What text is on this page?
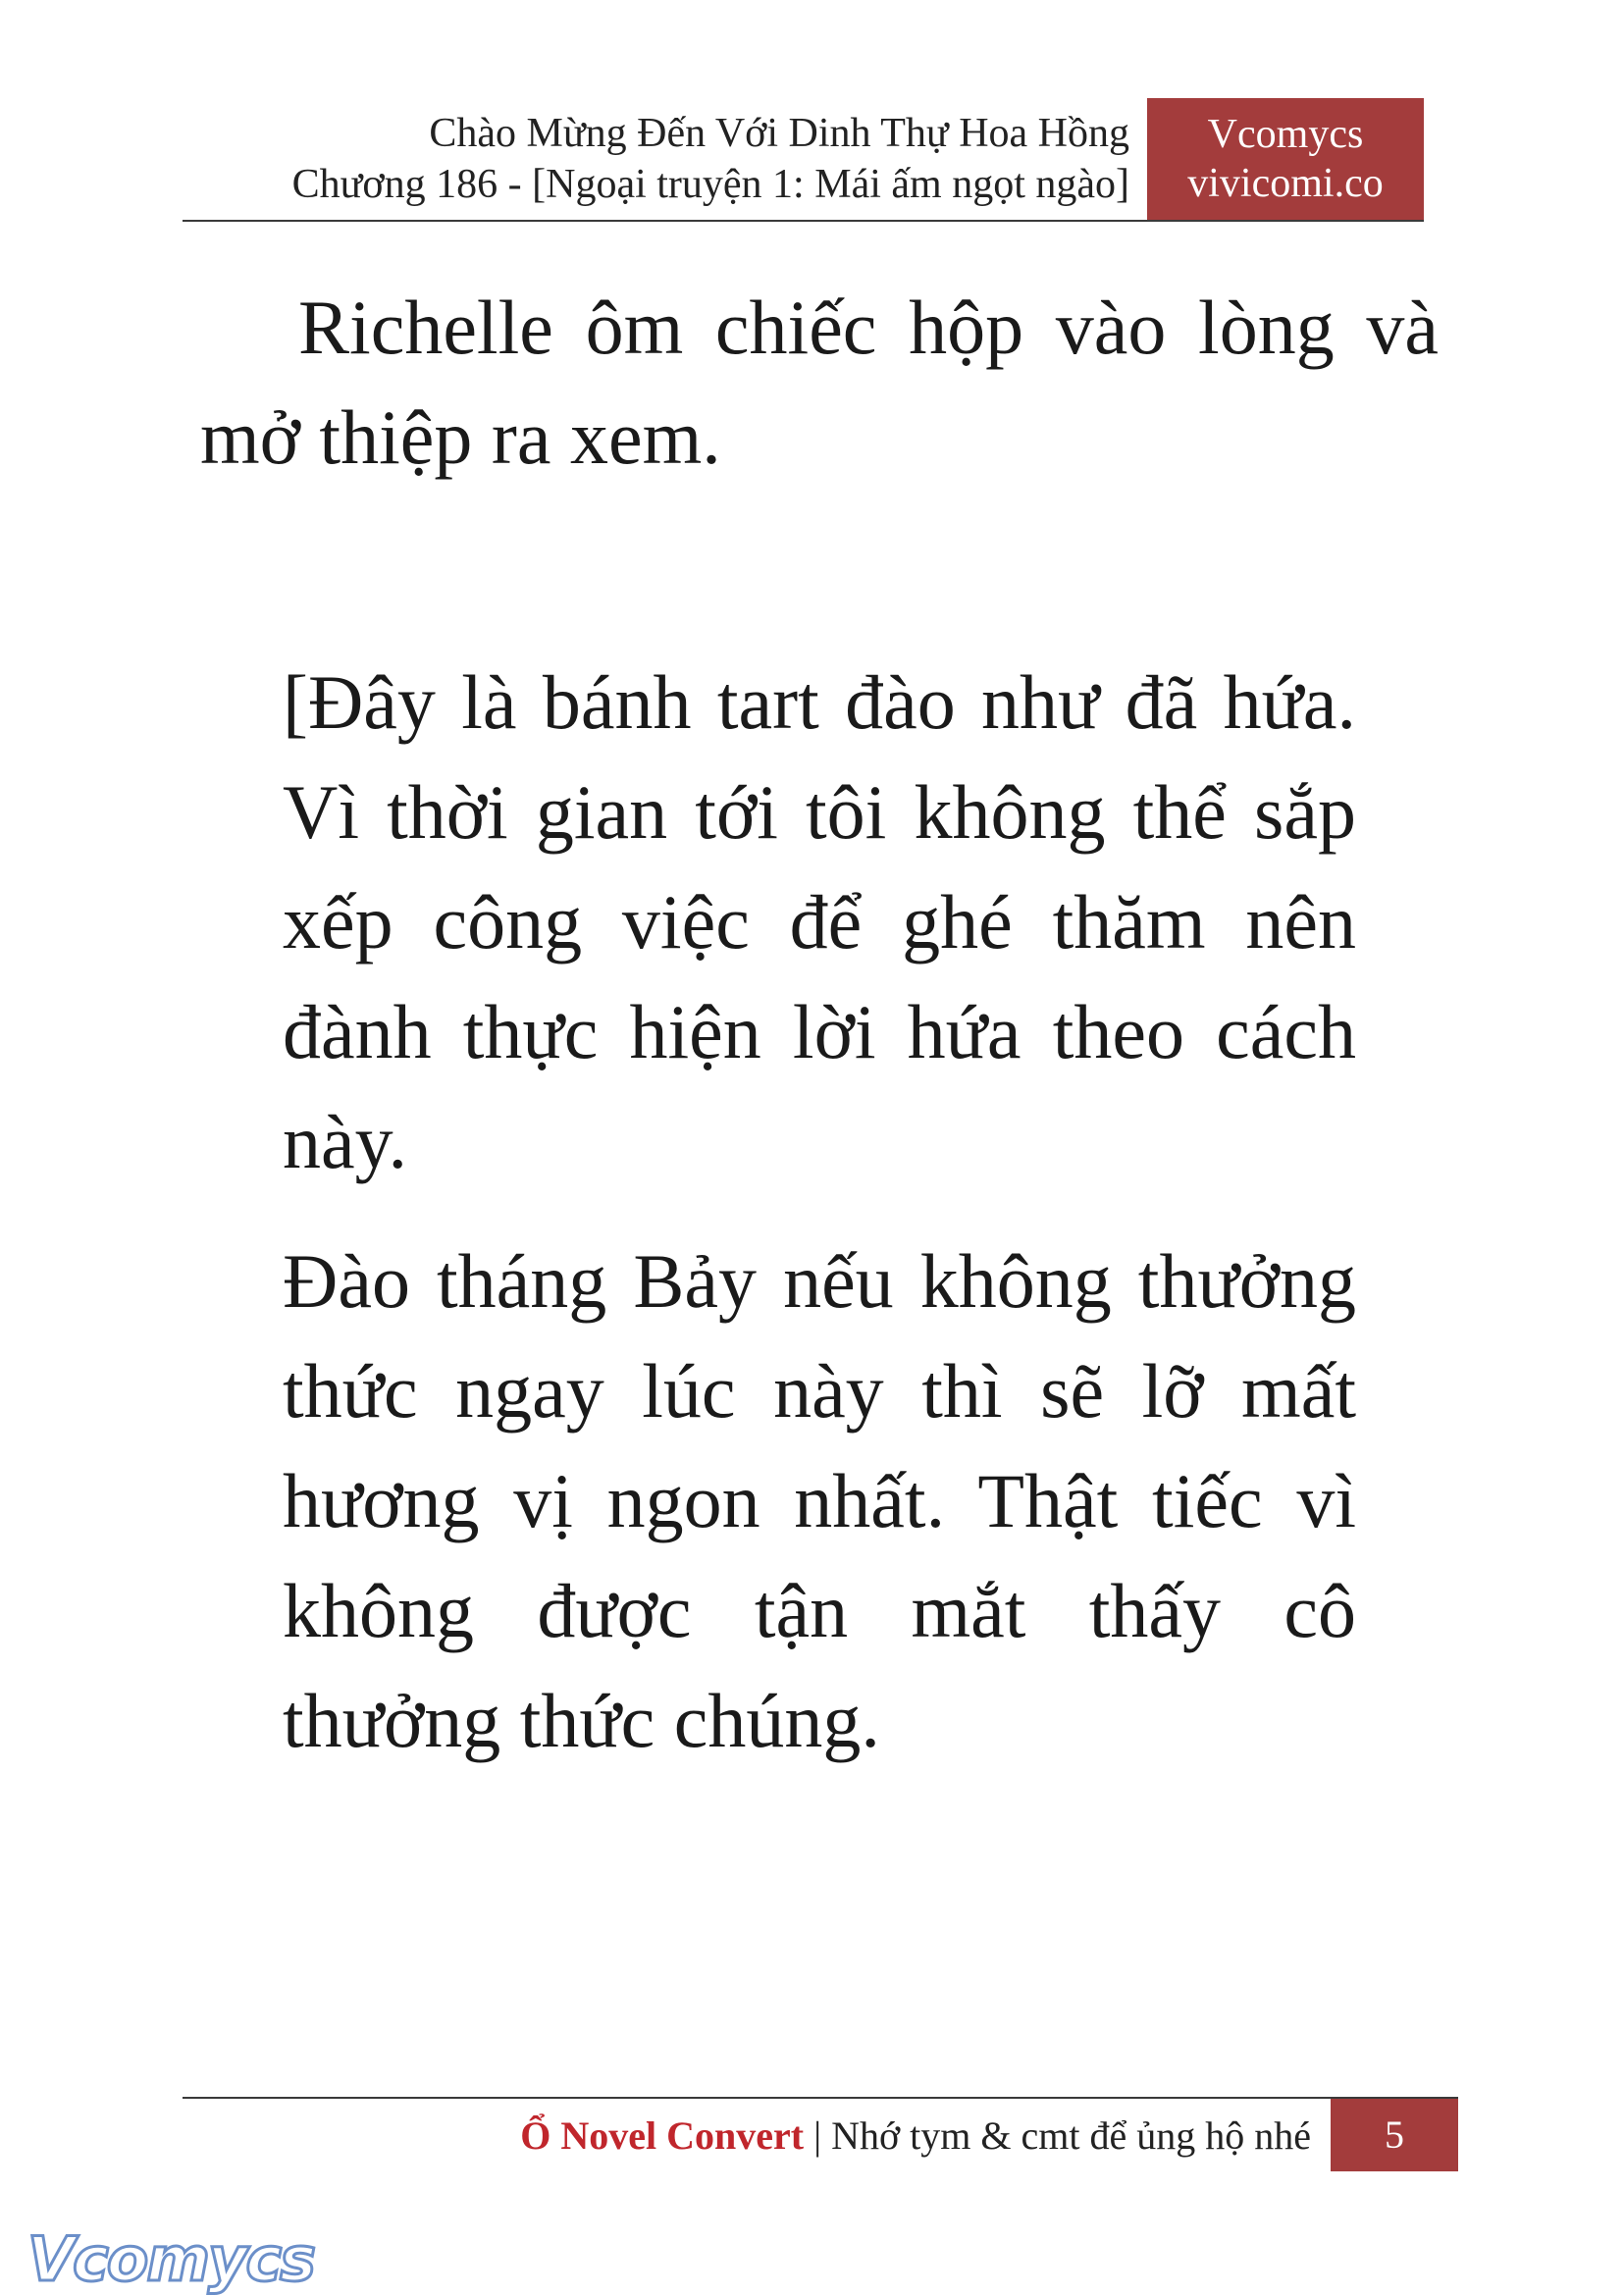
Chào Mừng Đến Với Dinh Thự Hoa Hồng
Chương 186 - [Ngoại truyện 1: Mái ấm ngọt ngào]
Vcomycs
vivicomi.co

Richelle ôm chiếc hộp vào lòng và mở thiệp ra xem.

[Đây là bánh tart đào như đã hứa. Vì thời gian tới tôi không thể sắp xếp công việc để ghé thăm nên đành thực hiện lời hứa theo cách này.

Đào tháng Bảy nếu không thưởng thức ngay lúc này thì sẽ lỡ mất hương vị ngon nhất. Thật tiếc vì không được tận mắt thấy cô thưởng thức chúng.

Ổ Novel Convert | Nhớ tym & cmt để ủng hộ nhé	5
Vcomycs
